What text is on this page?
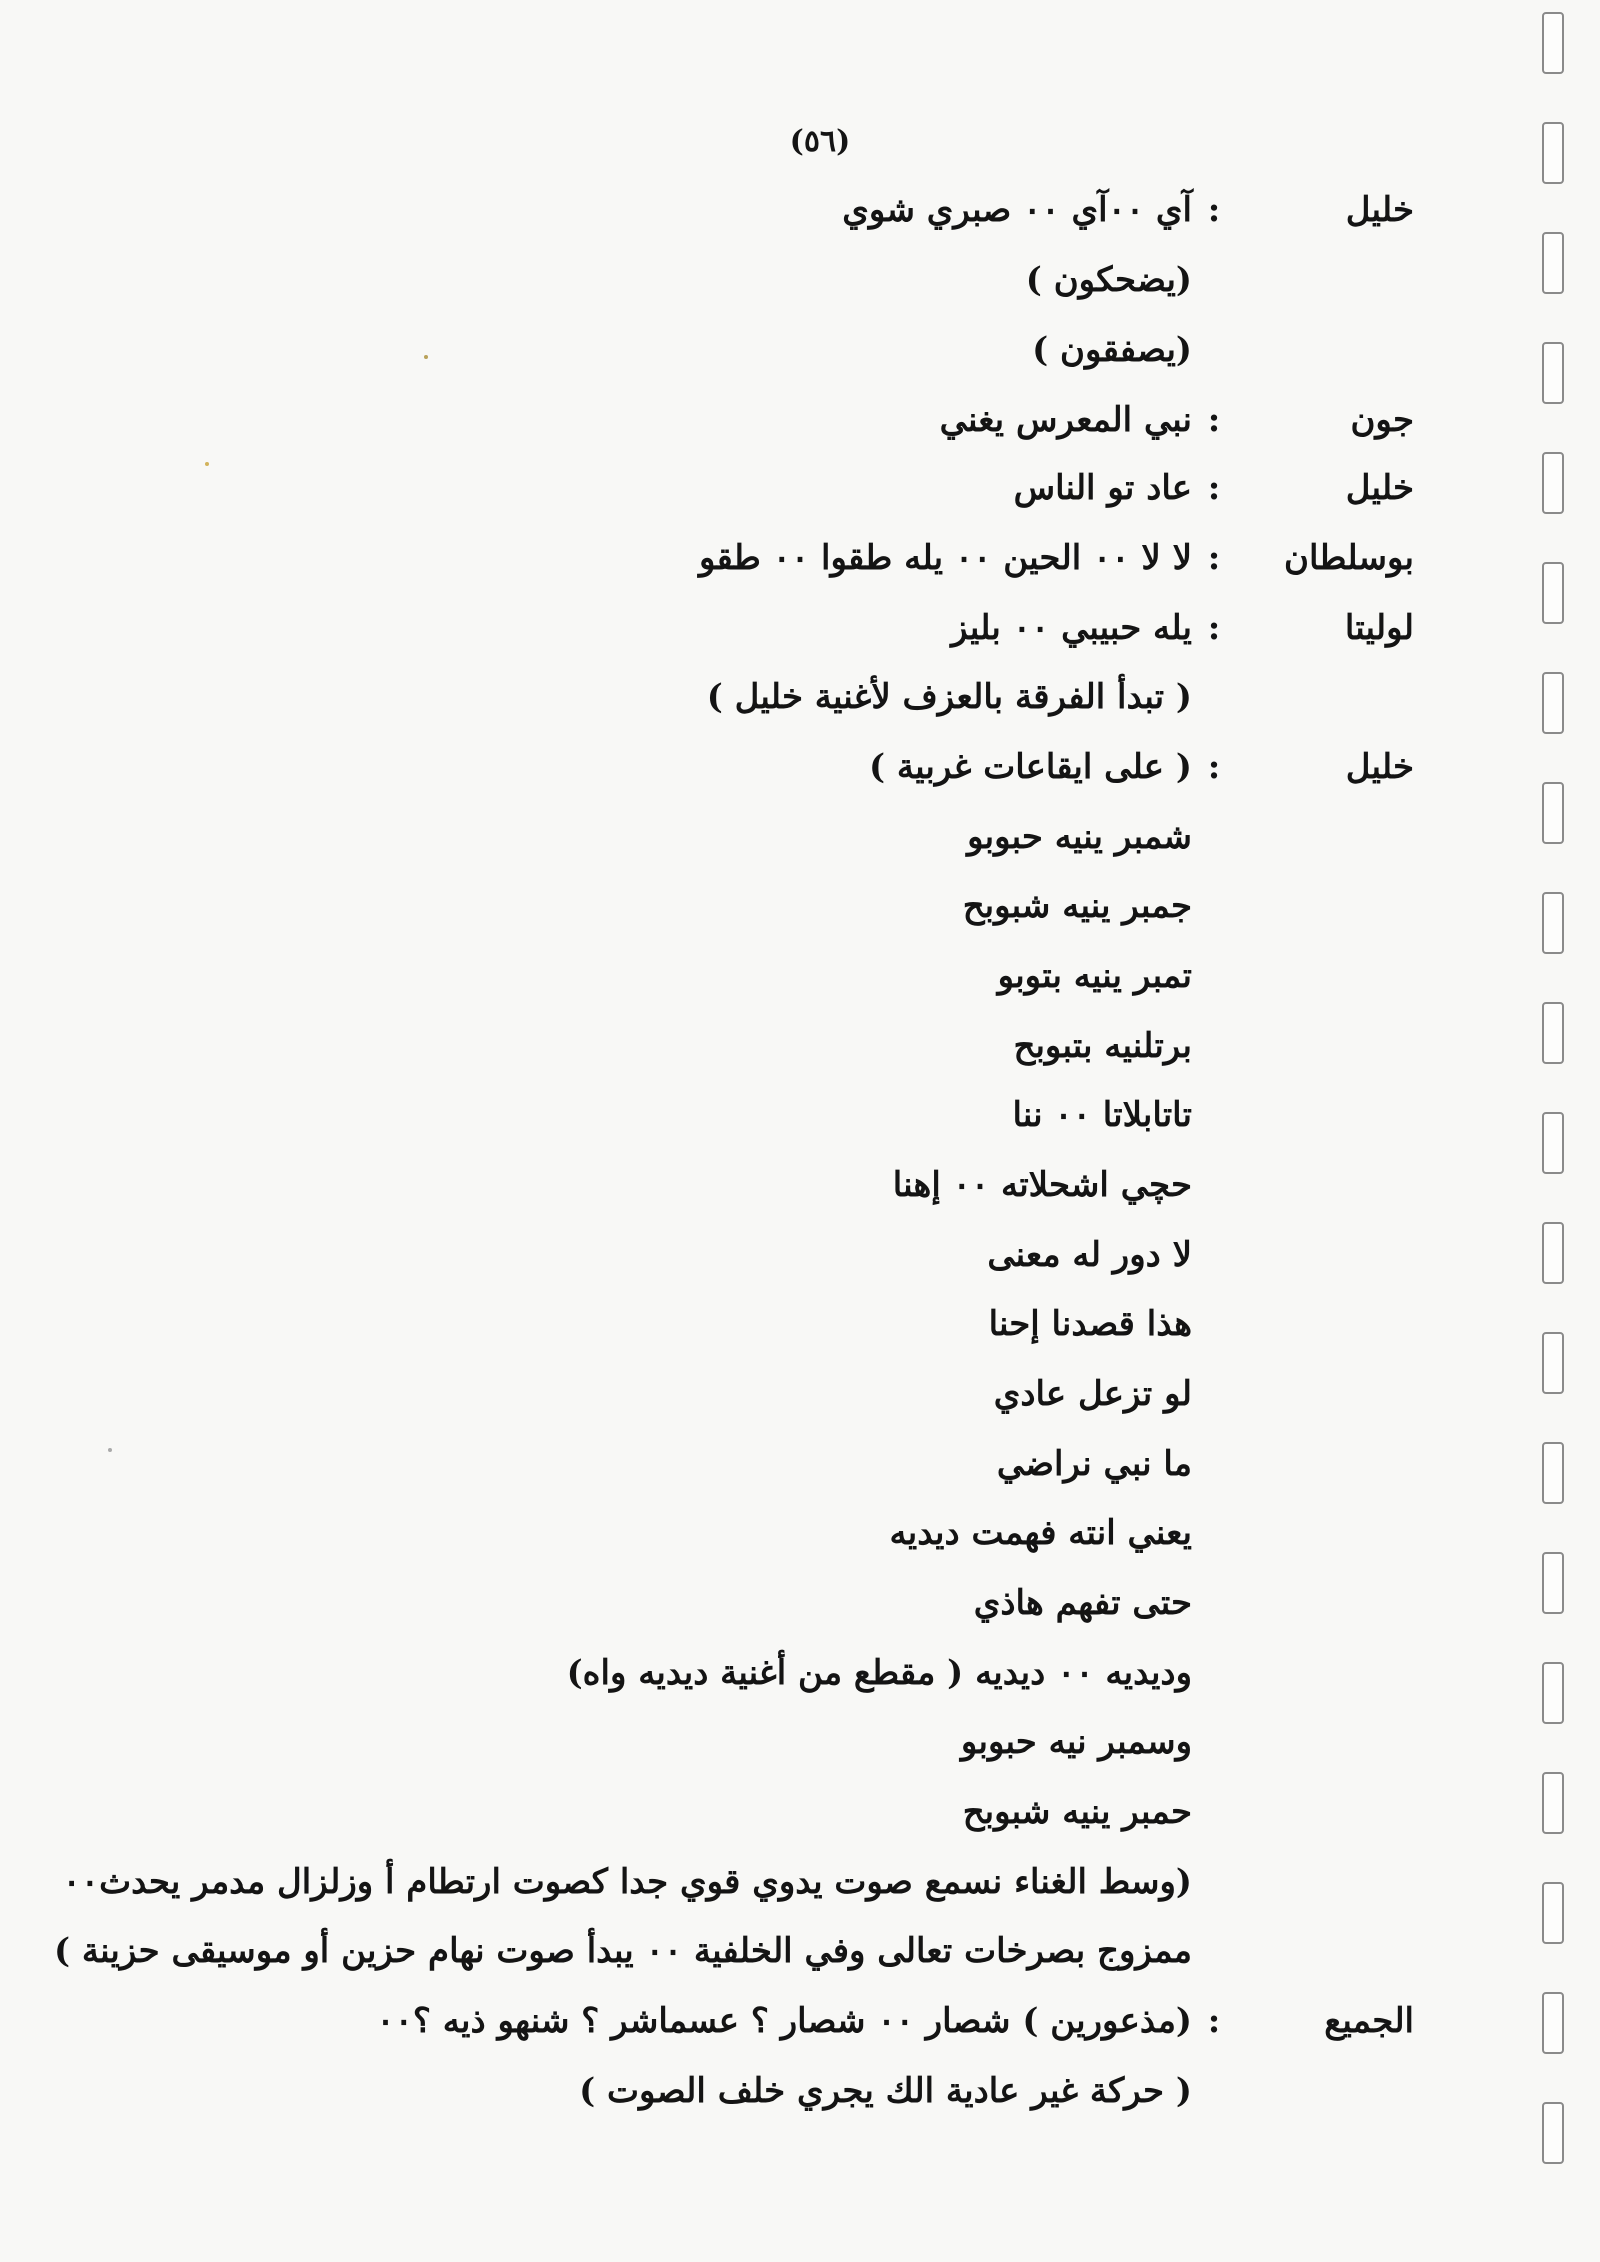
(٥٦)
خليل
:
آي ٠٠آي ٠٠ صبري شوي
(يضحكون )
(يصفقون )
جون
:
نبي المعرس يغني
خليل
:
عاد تو الناس
بوسلطان
:
لا لا ٠٠ الحين ٠٠ يله طقوا ٠٠ طقو
لوليتا
:
يله حبيبي ٠٠ بليز
( تبدأ الفرقة بالعزف لأغنية خليل )
خليل
:
( على ايقاعات غربية )
شمبر ينيه حبوبو
جمبر ينيه شبوبح
تمبر ينيه بتوبو
برتلنيه بتبوبح
تاتابلاتا ٠٠ ننا
حچي اشحلاته ٠٠ إهنا
لا دور له معنى
هذا قصدنا إحنا
لو تزعل عادي
ما نبي نراضي
يعني انته فهمت ديديه
حتى تفهم هاذي
وديديه ٠٠ ديديه ( مقطع من أغنية ديديه واه)
وسمبر نيه حبوبو
حمبر ينيه شبوبح
(وسط الغناء نسمع صوت يدوي قوي جدا كصوت ارتطام أ وزلزال مدمر يحدث٠٠
ممزوج بصرخات تعالى وفي الخلفية ٠٠ يبدأ صوت نهام حزين أو موسيقى حزينة )
الجميع
:
(مذعورين ) شصار ٠٠ شصار ؟ عسماشر ؟ شنهو ذيه ؟٠٠
( حركة غير عادية الك يجري خلف الصوت )
